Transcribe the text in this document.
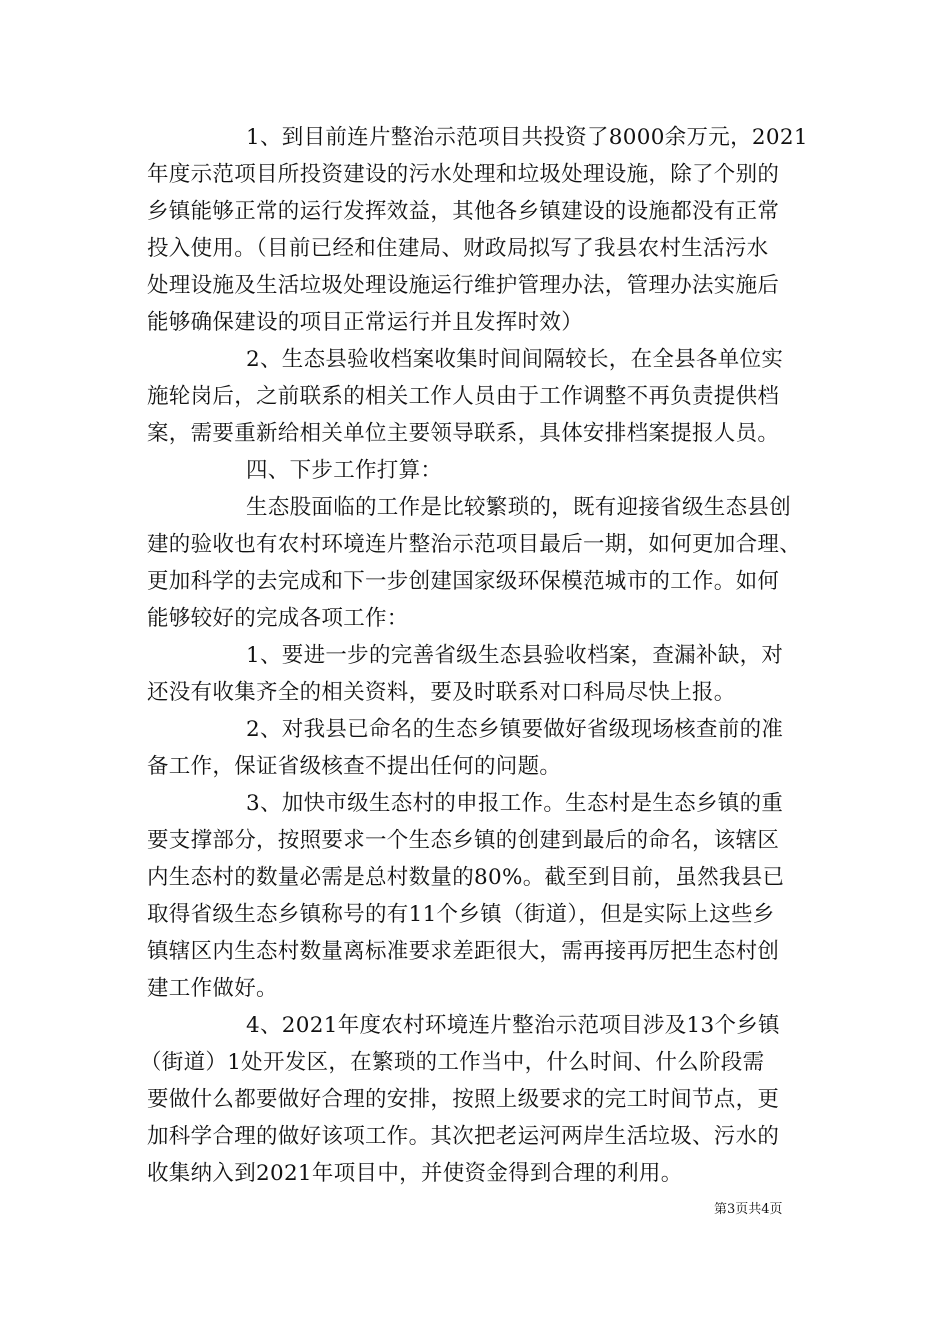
1、到目前连片整治示范项目共投资了8000余万元，2021
年度示范项目所投资建设的污水处理和垃圾处理设施，除了个别的
乡镇能够正常的运行发挥效益，其他各乡镇建设的设施都没有正常
投入使用。（目前已经和住建局、财政局拟写了我县农村生活污水
处理设施及生活垃圾处理设施运行维护管理办法，管理办法实施后
能够确保建设的项目正常运行并且发挥时效）
2、生态县验收档案收集时间间隔较长，在全县各单位实
施轮岗后，之前联系的相关工作人员由于工作调整不再负责提供档
案，需要重新给相关单位主要领导联系，具体安排档案提报人员。
四、下步工作打算：
生态股面临的工作是比较繁琐的，既有迎接省级生态县创
建的验收也有农村环境连片整治示范项目最后一期，如何更加合理、
更加科学的去完成和下一步创建国家级环保模范城市的工作。如何
能够较好的完成各项工作：
1、要进一步的完善省级生态县验收档案，查漏补缺，对
还没有收集齐全的相关资料，要及时联系对口科局尽快上报。
2、对我县已命名的生态乡镇要做好省级现场核查前的准
备工作，保证省级核查不提出任何的问题。
3、加快市级生态村的申报工作。生态村是生态乡镇的重
要支撑部分，按照要求一个生态乡镇的创建到最后的命名，该辖区
内生态村的数量必需是总村数量的80%。截至到目前，虽然我县已
取得省级生态乡镇称号的有11个乡镇（街道），但是实际上这些乡
镇辖区内生态村数量离标准要求差距很大，需再接再厉把生态村创
建工作做好。
4、2021年度农村环境连片整治示范项目涉及13个乡镇
（街道）1处开发区，在繁琐的工作当中，什么时间、什么阶段需
要做什么都要做好合理的安排，按照上级要求的完工时间节点，更
加科学合理的做好该项工作。其次把老运河两岸生活垃圾、污水的
收集纳入到2021年项目中，并使资金得到合理的利用。
第3页共4页
